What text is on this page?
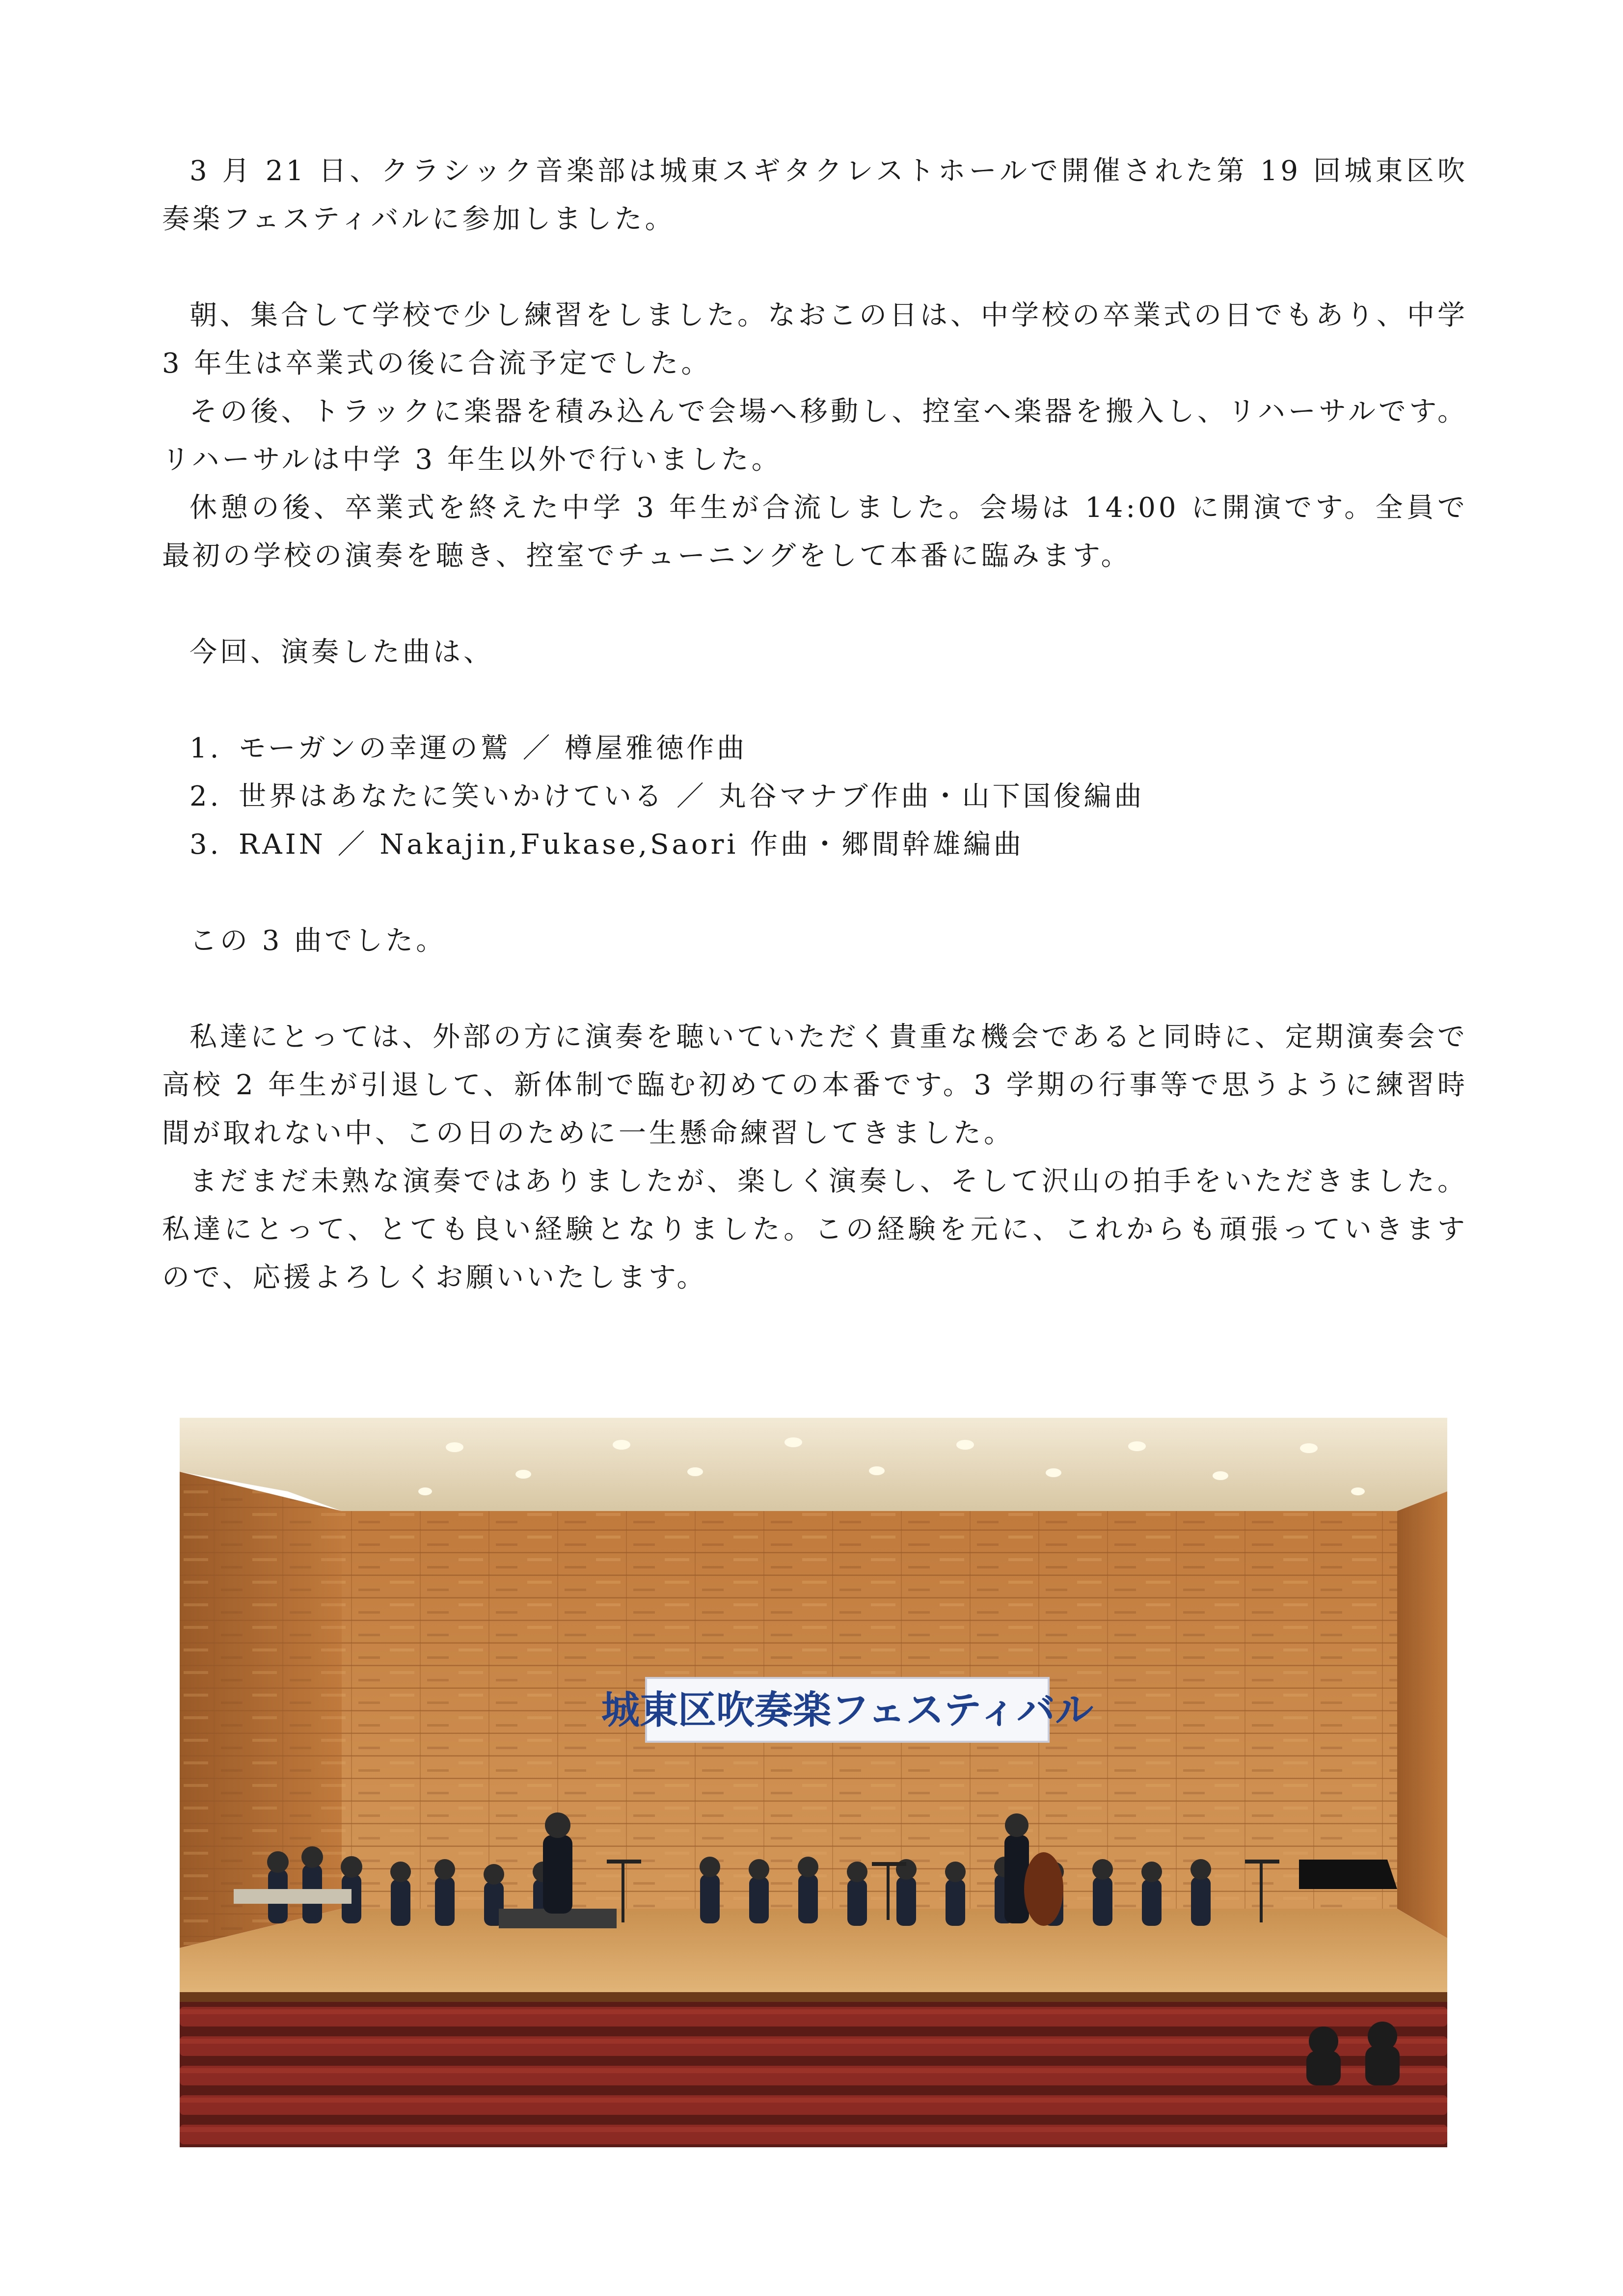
3 月 21 日、クラシック音楽部は城東スギタクレストホールで開催された第 19 回城東区吹奏楽フェスティバルに参加しました。

朝、集合して学校で少し練習をしました。なおこの日は、中学校の卒業式の日でもあり、中学 3 年生は卒業式の後に合流予定でした。

その後、トラックに楽器を積み込んで会場へ移動し、控室へ楽器を搬入し、リハーサルです。リハーサルは中学 3 年生以外で行いました。

休憩の後、卒業式を終えた中学 3 年生が合流しました。会場は 14:00 に開演です。全員で最初の学校の演奏を聴き、控室でチューニングをして本番に臨みます。

今回、演奏した曲は、

1. モーガンの幸運の鷲 ／ 樽屋雅徳作曲
2. 世界はあなたに笑いかけている ／ 丸谷マナブ作曲・山下国俊編曲
3. RAIN ／ Nakajin,Fukase,Saori 作曲・郷間幹雄編曲

この 3 曲でした。

私達にとっては、外部の方に演奏を聴いていただく貴重な機会であると同時に、定期演奏会で高校 2 年生が引退して、新体制で臨む初めての本番です。3 学期の行事等で思うように練習時間が取れない中、この日のために一生懸命練習してきました。

まだまだ未熟な演奏ではありましたが、楽しく演奏し、そして沢山の拍手をいただきました。私達にとって、とても良い経験となりました。この経験を元に、これからも頑張っていきますので、応援よろしくお願いいたします。

城東区吹奏楽フェスティバル
